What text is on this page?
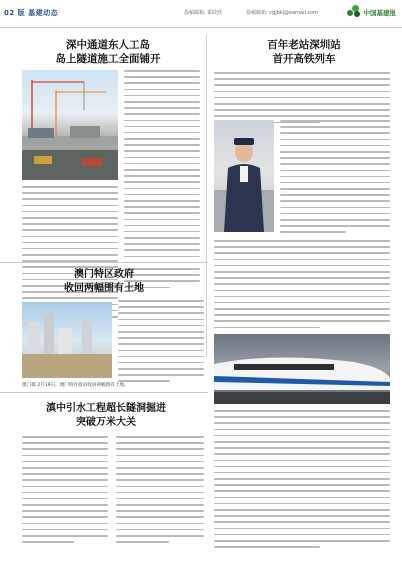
02 版 基建动态	投稿邮箱: 霍政欣	投稿邮箱: cgjbkl@eamail.com	中国基建报
深中通道东人工岛
岛上隧道施工全面铺开
百年老站深圳站
首开高铁列车
澳门特区政府
收回两幅围有土地
澳门街 2月19日，澳门特区政府收回两幅围有土地。
滇中引水工程超长隧洞掘进
突破万米大关
